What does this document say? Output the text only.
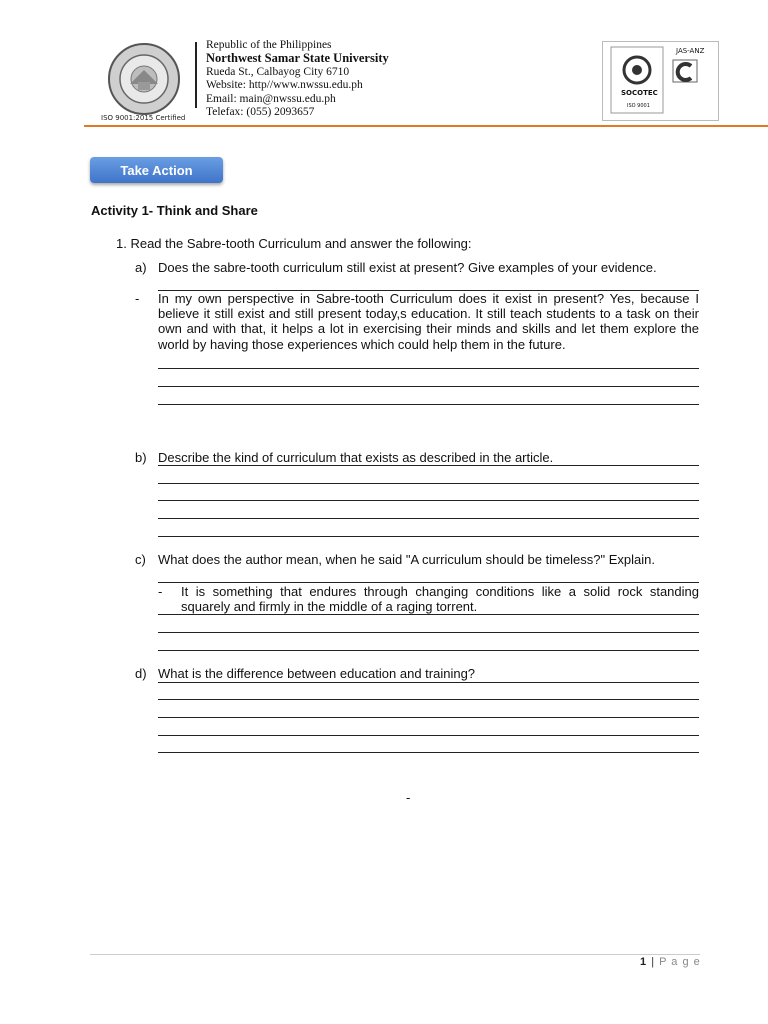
ISO 9001:2015 Certified
Republic of the Philippines
Northwest Samar State University
Rueda St., Calbayog City 6710
Website: http//www.nwssu.edu.ph
Email: main@nwssu.edu.ph
Telefax: (055) 2093657
SOCOTEC
ISO 9001
JAS-ANZ
Take Action
Activity 1- Think and Share
1. Read the Sabre-tooth Curriculum and answer the following:
a) Does the sabre-tooth curriculum still exist at present? Give examples of your evidence.
- In my own perspective in Sabre-tooth Curriculum does it exist in present? Yes, because I believe it still exist and still present today,s education. It still teach students to a task on their own and with that, it helps a lot in exercising their minds and skills and let them explore the world by having those experiences which could help them in the future.
b) Describe the kind of curriculum that exists as described in the article.
c) What does the author mean, when he said "A curriculum should be timeless?" Explain.
- It is something that endures through changing conditions like a solid rock standing squarely and firmly in the middle of a raging torrent.
d) What is the difference between education and training?
-
1 | P a g e
